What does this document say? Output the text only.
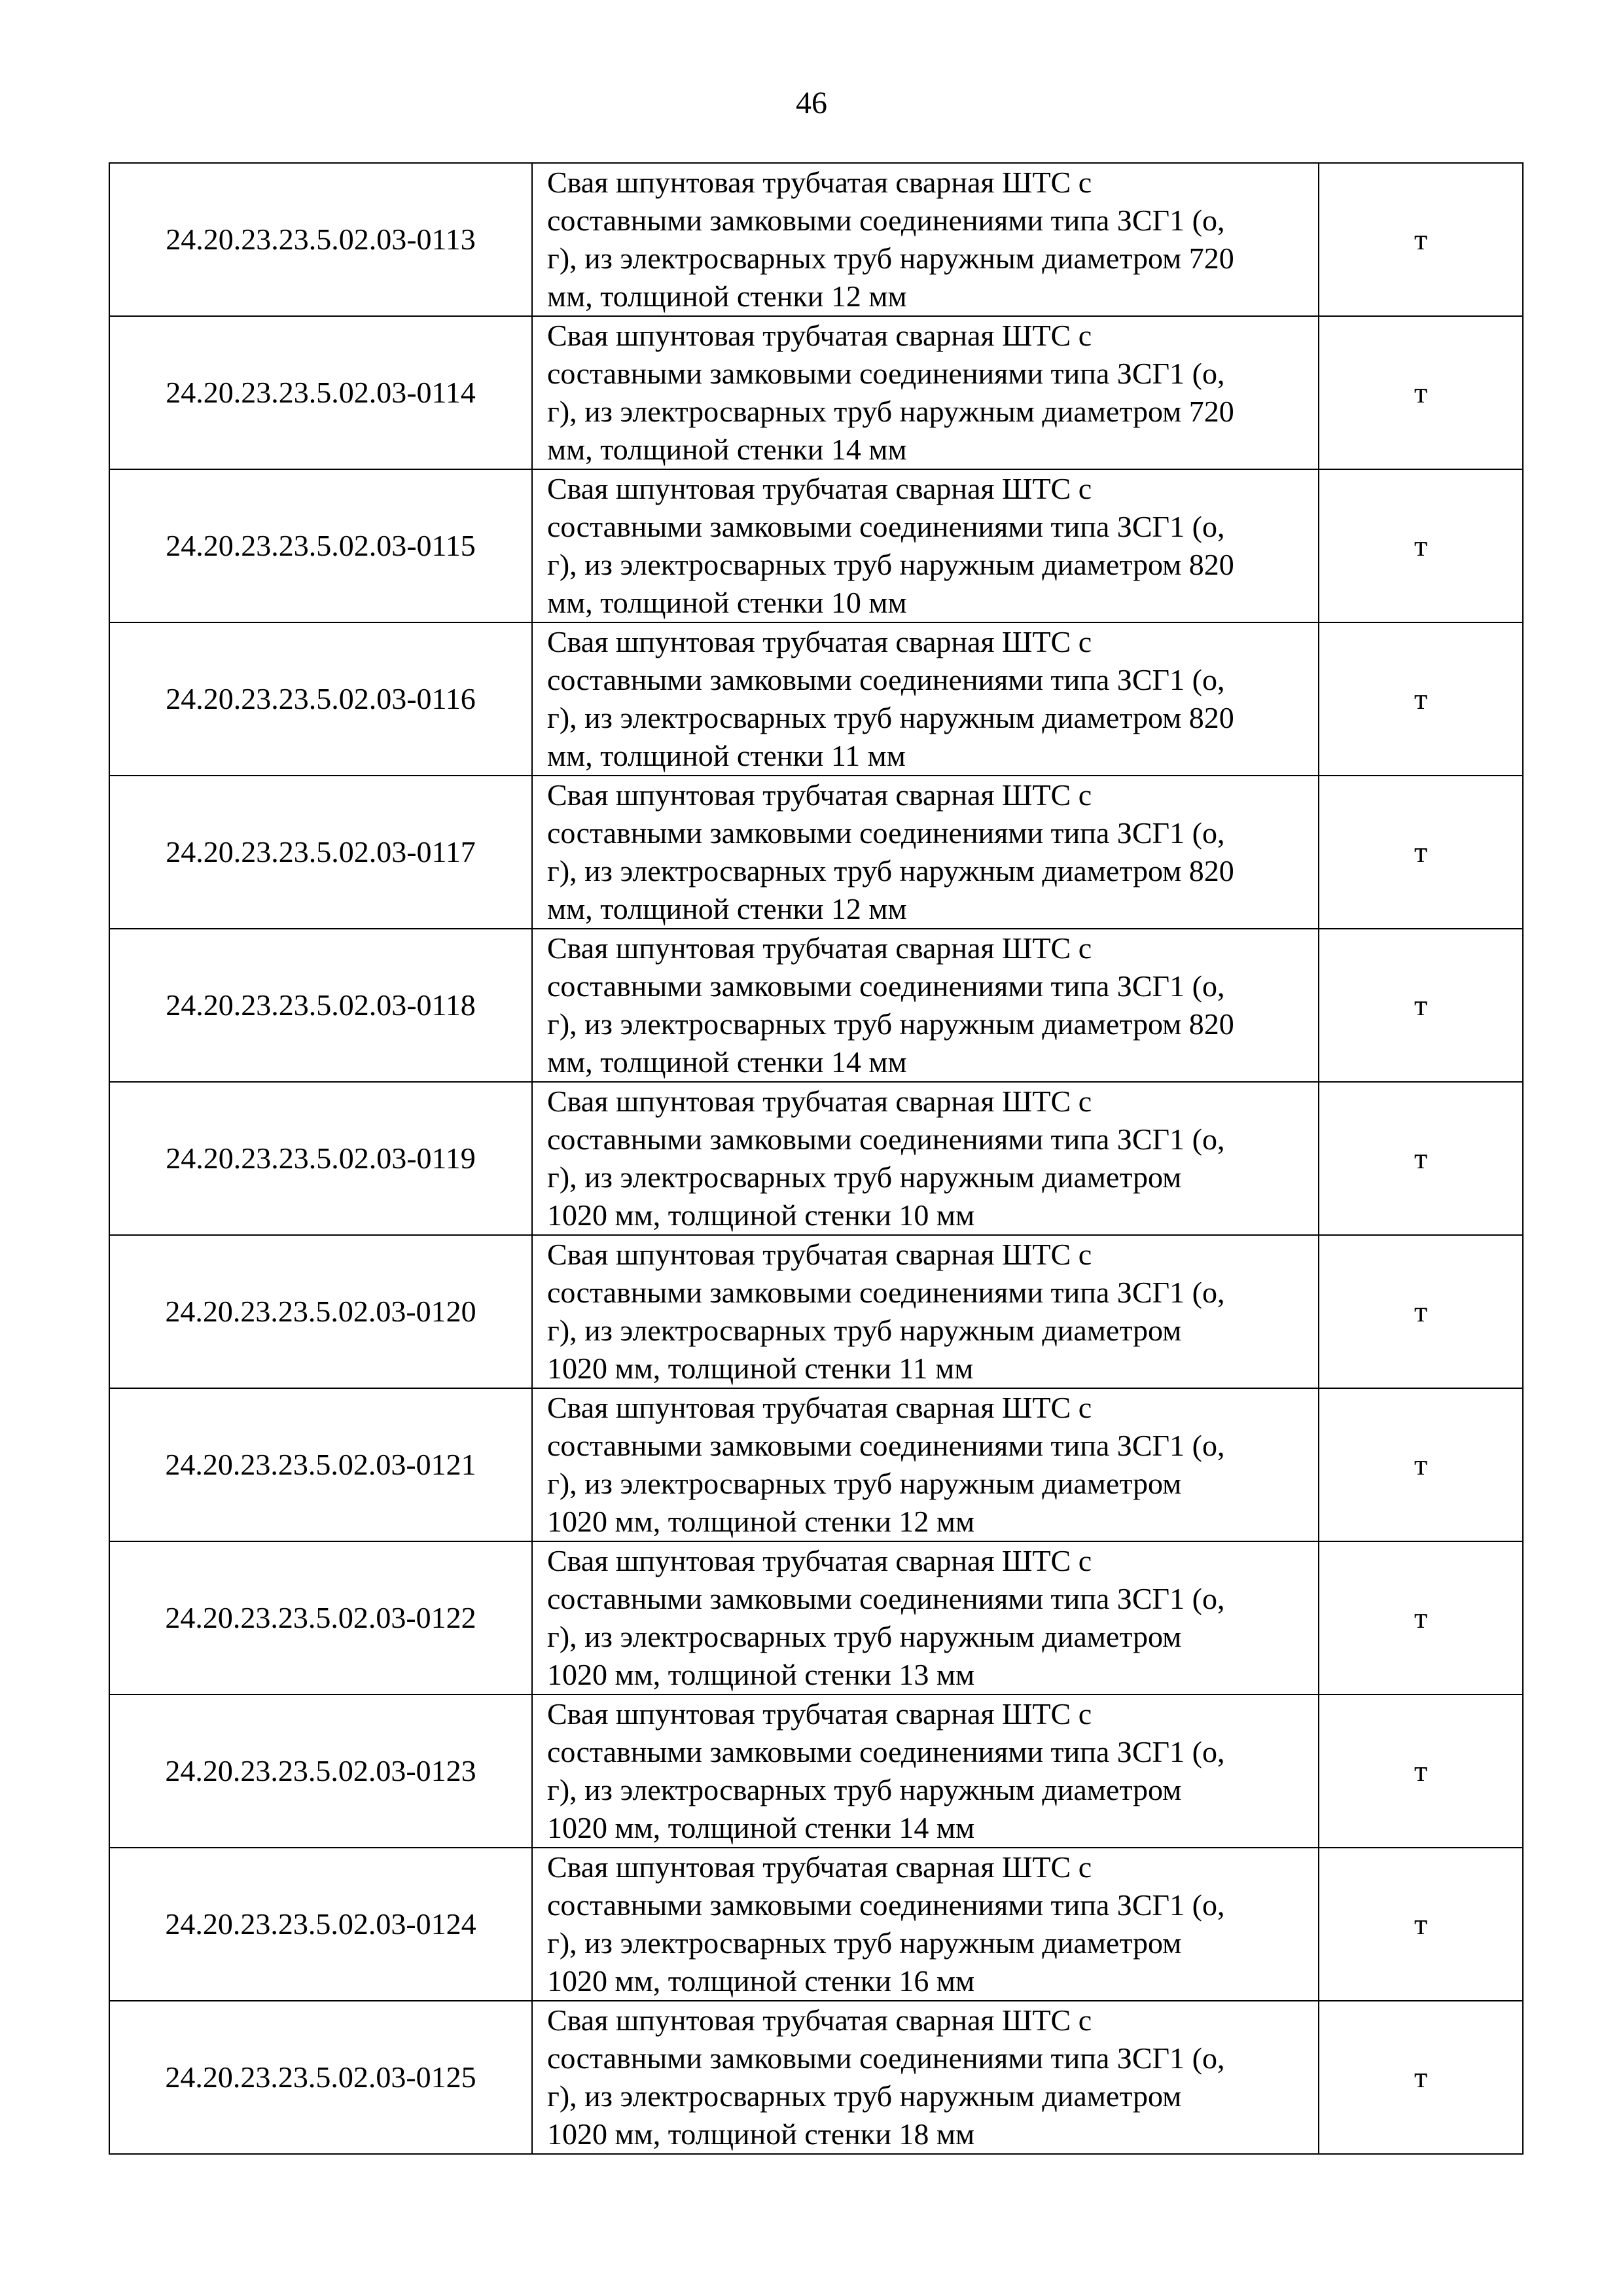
46
24.20.23.23.5.02.03-0113	Свая шпунтовая трубчатая сварная ШТС с
составными замковыми соединениями типа ЗСГ1 (о,
г), из электросварных труб наружным диаметром 720
мм, толщиной стенки 12 мм	т
24.20.23.23.5.02.03-0114	Свая шпунтовая трубчатая сварная ШТС с
составными замковыми соединениями типа ЗСГ1 (о,
г), из электросварных труб наружным диаметром 720
мм, толщиной стенки 14 мм	т
24.20.23.23.5.02.03-0115	Свая шпунтовая трубчатая сварная ШТС с
составными замковыми соединениями типа ЗСГ1 (о,
г), из электросварных труб наружным диаметром 820
мм, толщиной стенки 10 мм	т
24.20.23.23.5.02.03-0116	Свая шпунтовая трубчатая сварная ШТС с
составными замковыми соединениями типа ЗСГ1 (о,
г), из электросварных труб наружным диаметром 820
мм, толщиной стенки 11 мм	т
24.20.23.23.5.02.03-0117	Свая шпунтовая трубчатая сварная ШТС с
составными замковыми соединениями типа ЗСГ1 (о,
г), из электросварных труб наружным диаметром 820
мм, толщиной стенки 12 мм	т
24.20.23.23.5.02.03-0118	Свая шпунтовая трубчатая сварная ШТС с
составными замковыми соединениями типа ЗСГ1 (о,
г), из электросварных труб наружным диаметром 820
мм, толщиной стенки 14 мм	т
24.20.23.23.5.02.03-0119	Свая шпунтовая трубчатая сварная ШТС с
составными замковыми соединениями типа ЗСГ1 (о,
г), из электросварных труб наружным диаметром
1020 мм, толщиной стенки 10 мм	т
24.20.23.23.5.02.03-0120	Свая шпунтовая трубчатая сварная ШТС с
составными замковыми соединениями типа ЗСГ1 (о,
г), из электросварных труб наружным диаметром
1020 мм, толщиной стенки 11 мм	т
24.20.23.23.5.02.03-0121	Свая шпунтовая трубчатая сварная ШТС с
составными замковыми соединениями типа ЗСГ1 (о,
г), из электросварных труб наружным диаметром
1020 мм, толщиной стенки 12 мм	т
24.20.23.23.5.02.03-0122	Свая шпунтовая трубчатая сварная ШТС с
составными замковыми соединениями типа ЗСГ1 (о,
г), из электросварных труб наружным диаметром
1020 мм, толщиной стенки 13 мм	т
24.20.23.23.5.02.03-0123	Свая шпунтовая трубчатая сварная ШТС с
составными замковыми соединениями типа ЗСГ1 (о,
г), из электросварных труб наружным диаметром
1020 мм, толщиной стенки 14 мм	т
24.20.23.23.5.02.03-0124	Свая шпунтовая трубчатая сварная ШТС с
составными замковыми соединениями типа ЗСГ1 (о,
г), из электросварных труб наружным диаметром
1020 мм, толщиной стенки 16 мм	т
24.20.23.23.5.02.03-0125	Свая шпунтовая трубчатая сварная ШТС с
составными замковыми соединениями типа ЗСГ1 (о,
г), из электросварных труб наружным диаметром
1020 мм, толщиной стенки 18 мм	т
